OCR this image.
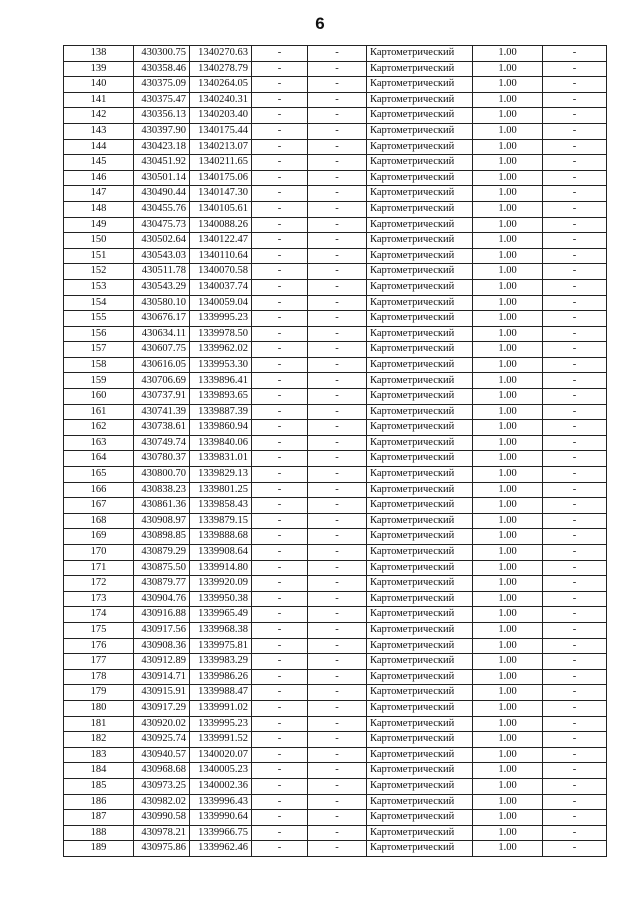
6
138	430300.75	1340270.63	-	-	Картометрический	1.00	-
139	430358.46	1340278.79	-	-	Картометрический	1.00	-
140	430375.09	1340264.05	-	-	Картометрический	1.00	-
141	430375.47	1340240.31	-	-	Картометрический	1.00	-
142	430356.13	1340203.40	-	-	Картометрический	1.00	-
143	430397.90	1340175.44	-	-	Картометрический	1.00	-
144	430423.18	1340213.07	-	-	Картометрический	1.00	-
145	430451.92	1340211.65	-	-	Картометрический	1.00	-
146	430501.14	1340175.06	-	-	Картометрический	1.00	-
147	430490.44	1340147.30	-	-	Картометрический	1.00	-
148	430455.76	1340105.61	-	-	Картометрический	1.00	-
149	430475.73	1340088.26	-	-	Картометрический	1.00	-
150	430502.64	1340122.47	-	-	Картометрический	1.00	-
151	430543.03	1340110.64	-	-	Картометрический	1.00	-
152	430511.78	1340070.58	-	-	Картометрический	1.00	-
153	430543.29	1340037.74	-	-	Картометрический	1.00	-
154	430580.10	1340059.04	-	-	Картометрический	1.00	-
155	430676.17	1339995.23	-	-	Картометрический	1.00	-
156	430634.11	1339978.50	-	-	Картометрический	1.00	-
157	430607.75	1339962.02	-	-	Картометрический	1.00	-
158	430616.05	1339953.30	-	-	Картометрический	1.00	-
159	430706.69	1339896.41	-	-	Картометрический	1.00	-
160	430737.91	1339893.65	-	-	Картометрический	1.00	-
161	430741.39	1339887.39	-	-	Картометрический	1.00	-
162	430738.61	1339860.94	-	-	Картометрический	1.00	-
163	430749.74	1339840.06	-	-	Картометрический	1.00	-
164	430780.37	1339831.01	-	-	Картометрический	1.00	-
165	430800.70	1339829.13	-	-	Картометрический	1.00	-
166	430838.23	1339801.25	-	-	Картометрический	1.00	-
167	430861.36	1339858.43	-	-	Картометрический	1.00	-
168	430908.97	1339879.15	-	-	Картометрический	1.00	-
169	430898.85	1339888.68	-	-	Картометрический	1.00	-
170	430879.29	1339908.64	-	-	Картометрический	1.00	-
171	430875.50	1339914.80	-	-	Картометрический	1.00	-
172	430879.77	1339920.09	-	-	Картометрический	1.00	-
173	430904.76	1339950.38	-	-	Картометрический	1.00	-
174	430916.88	1339965.49	-	-	Картометрический	1.00	-
175	430917.56	1339968.38	-	-	Картометрический	1.00	-
176	430908.36	1339975.81	-	-	Картометрический	1.00	-
177	430912.89	1339983.29	-	-	Картометрический	1.00	-
178	430914.71	1339986.26	-	-	Картометрический	1.00	-
179	430915.91	1339988.47	-	-	Картометрический	1.00	-
180	430917.29	1339991.02	-	-	Картометрический	1.00	-
181	430920.02	1339995.23	-	-	Картометрический	1.00	-
182	430925.74	1339991.52	-	-	Картометрический	1.00	-
183	430940.57	1340020.07	-	-	Картометрический	1.00	-
184	430968.68	1340005.23	-	-	Картометрический	1.00	-
185	430973.25	1340002.36	-	-	Картометрический	1.00	-
186	430982.02	1339996.43	-	-	Картометрический	1.00	-
187	430990.58	1339990.64	-	-	Картометрический	1.00	-
188	430978.21	1339966.75	-	-	Картометрический	1.00	-
189	430975.86	1339962.46	-	-	Картометрический	1.00	-
